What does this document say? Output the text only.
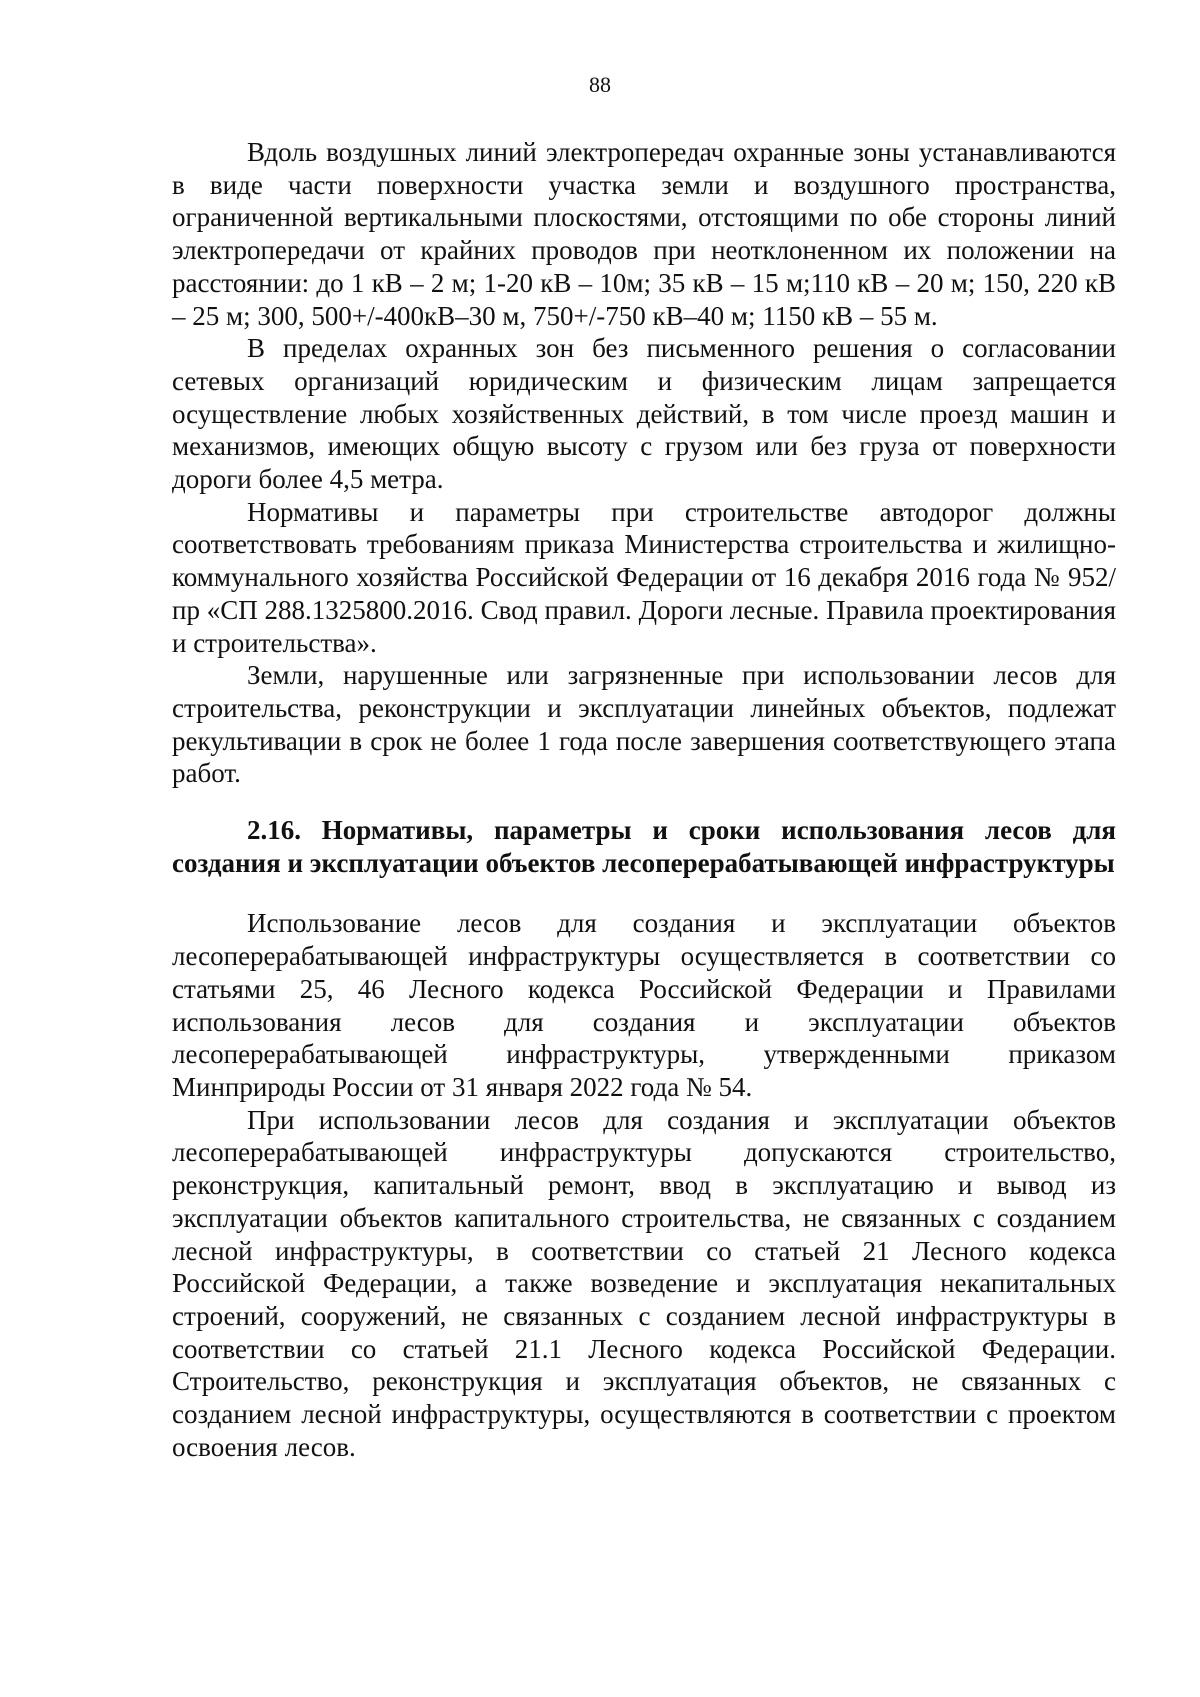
88

Вдоль воздушных линий электропередач охранные зоны устанавливаются в виде части поверхности участка земли и воздушного пространства, ограниченной вертикальными плоскостями, отстоящими по обе стороны линий электропередачи от крайних проводов при неотклоненном их положении на расстоянии: до 1 кВ – 2 м; 1-20 кВ – 10м; 35 кВ – 15 м;110 кВ – 20 м; 150, 220 кВ – 25 м; 300, 500+/-400кВ–30 м, 750+/-750 кВ–40 м; 1150 кВ – 55 м.

В пределах охранных зон без письменного решения о согласовании сетевых организаций юридическим и физическим лицам запрещается осуществление любых хозяйственных действий, в том числе проезд машин и механизмов, имеющих общую высоту с грузом или без груза от поверхности дороги более 4,5 метра.

Нормативы и параметры при строительстве автодорог должны соответствовать требованиям приказа Министерства строительства и жилищно-коммунального хозяйства Российской Федерации от 16 декабря 2016 года № 952/пр «СП 288.1325800.2016. Свод правил. Дороги лесные. Правила проектирования и строительства».

Земли, нарушенные или загрязненные при использовании лесов для строительства, реконструкции и эксплуатации линейных объектов, подлежат рекультивации в срок не более 1 года после завершения соответствующего этапа работ.

2.16. Нормативы, параметры и сроки использования лесов для создания и эксплуатации объектов лесоперерабатывающей инфраструктуры

Использование лесов для создания и эксплуатации объектов лесоперерабатывающей инфраструктуры осуществляется в соответствии со статьями 25, 46 Лесного кодекса Российской Федерации и Правилами использования лесов для создания и эксплуатации объектов лесоперерабатывающей инфраструктуры, утвержденными приказом Минприроды России от 31 января 2022 года № 54.

При использовании лесов для создания и эксплуатации объектов лесоперерабатывающей инфраструктуры допускаются строительство, реконструкция, капитальный ремонт, ввод в эксплуатацию и вывод из эксплуатации объектов капитального строительства, не связанных с созданием лесной инфраструктуры, в соответствии со статьей 21 Лесного кодекса Российской Федерации, а также возведение и эксплуатация некапитальных строений, сооружений, не связанных с созданием лесной инфраструктуры в соответствии со статьей 21.1 Лесного кодекса Российской Федерации. Строительство, реконструкция и эксплуатация объектов, не связанных с созданием лесной инфраструктуры, осуществляются в соответствии с проектом освоения лесов.
